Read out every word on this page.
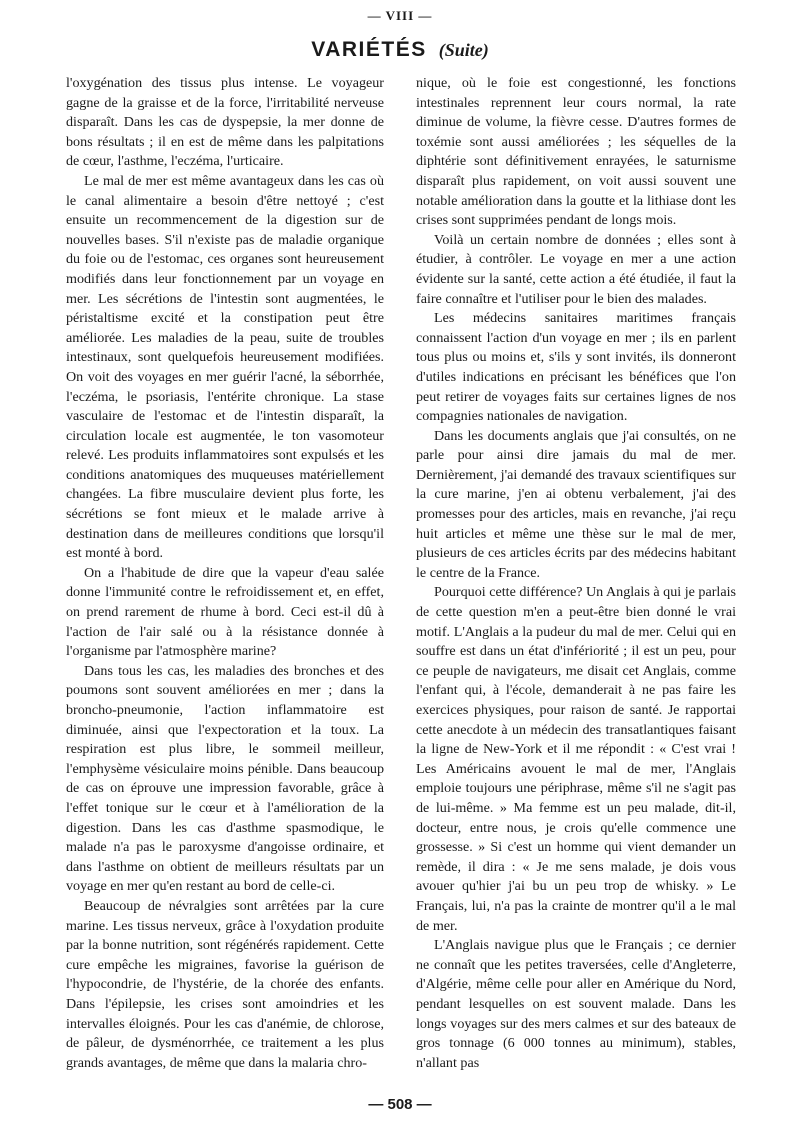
— VIII —
VARIÉTÉS (Suite)

l'oxygénation des tissus plus intense. Le voyageur gagne de la graisse et de la force, l'irritabilité nerveuse disparaît. Dans les cas de dyspepsie, la mer donne de bons résultats ; il en est de même dans les palpitations de cœur, l'asthme, l'eczéma, l'urticaire.

Le mal de mer est même avantageux dans les cas où le canal alimentaire a besoin d'être nettoyé ; c'est ensuite un recommencement de la digestion sur de nouvelles bases. S'il n'existe pas de maladie organique du foie ou de l'estomac, ces organes sont heureusement modifiés dans leur fonctionnement par un voyage en mer. Les sécrétions de l'intestin sont augmentées, le péristaltisme excité et la constipation peut être améliorée. Les maladies de la peau, suite de troubles intestinaux, sont quelquefois heureusement modifiées. On voit des voyages en mer guérir l'acné, la séborrhée, l'eczéma, le psoriasis, l'entérite chronique. La stase vasculaire de l'estomac et de l'intestin disparaît, la circulation locale est augmentée, le ton vasomoteur relevé. Les produits inflammatoires sont expulsés et les conditions anatomiques des muqueuses matériellement changées. La fibre musculaire devient plus forte, les sécrétions se font mieux et le malade arrive à destination dans de meilleures conditions que lorsqu'il est monté à bord.

On a l'habitude de dire que la vapeur d'eau salée donne l'immunité contre le refroidissement et, en effet, on prend rarement de rhume à bord. Ceci est-il dû à l'action de l'air salé ou à la résistance donnée à l'organisme par l'atmosphère marine?

Dans tous les cas, les maladies des bronches et des poumons sont souvent améliorées en mer ; dans la broncho-pneumonie, l'action inflammatoire est diminuée, ainsi que l'expectoration et la toux. La respiration est plus libre, le sommeil meilleur, l'emphysème vésiculaire moins pénible. Dans beaucoup de cas on éprouve une impression favorable, grâce à l'effet tonique sur le cœur et à l'amélioration de la digestion. Dans les cas d'asthme spasmodique, le malade n'a pas le paroxysme d'angoisse ordinaire, et dans l'asthme on obtient de meilleurs résultats par un voyage en mer qu'en restant au bord de celle-ci.

Beaucoup de névralgies sont arrêtées par la cure marine. Les tissus nerveux, grâce à l'oxydation produite par la bonne nutrition, sont régénérés rapidement. Cette cure empêche les migraines, favorise la guérison de l'hypocondrie, de l'hystérie, de la chorée des enfants. Dans l'épilepsie, les crises sont amoindries et les intervalles éloignés. Pour les cas d'anémie, de chlorose, de pâleur, de dysménorrhée, ce traitement a les plus grands avantages, de même que dans la malaria chro-

nique, où le foie est congestionné, les fonctions intestinales reprennent leur cours normal, la rate diminue de volume, la fièvre cesse. D'autres formes de toxémie sont aussi améliorées ; les séquelles de la diphtérie sont définitivement enrayées, le saturnisme disparaît plus rapidement, on voit aussi souvent une notable amélioration dans la goutte et la lithiase dont les crises sont supprimées pendant de longs mois.

Voilà un certain nombre de données ; elles sont à étudier, à contrôler. Le voyage en mer a une action évidente sur la santé, cette action a été étudiée, il faut la faire connaître et l'utiliser pour le bien des malades.

Les médecins sanitaires maritimes français connaissent l'action d'un voyage en mer ; ils en parlent tous plus ou moins et, s'ils y sont invités, ils donneront d'utiles indications en précisant les bénéfices que l'on peut retirer de voyages faits sur certaines lignes de nos compagnies nationales de navigation.

Dans les documents anglais que j'ai consultés, on ne parle pour ainsi dire jamais du mal de mer. Dernièrement, j'ai demandé des travaux scientifiques sur la cure marine, j'en ai obtenu verbalement, j'ai des promesses pour des articles, mais en revanche, j'ai reçu huit articles et même une thèse sur le mal de mer, plusieurs de ces articles écrits par des médecins habitant le centre de la France.

Pourquoi cette différence? Un Anglais à qui je parlais de cette question m'en a peut-être bien donné le vrai motif. L'Anglais a la pudeur du mal de mer. Celui qui en souffre est dans un état d'infériorité ; il est un peu, pour ce peuple de navigateurs, me disait cet Anglais, comme l'enfant qui, à l'école, demanderait à ne pas faire les exercices physiques, pour raison de santé. Je rapportai cette anecdote à un médecin des transatlantiques faisant la ligne de New-York et il me répondit : « C'est vrai ! Les Américains avouent le mal de mer, l'Anglais emploie toujours une périphrase, même s'il ne s'agit pas de lui-même. » Ma femme est un peu malade, dit-il, docteur, entre nous, je crois qu'elle commence une grossesse. » Si c'est un homme qui vient demander un remède, il dira : « Je me sens malade, je dois vous avouer qu'hier j'ai bu un peu trop de whisky. » Le Français, lui, n'a pas la crainte de montrer qu'il a le mal de mer.

L'Anglais navigue plus que le Français ; ce dernier ne connaît que les petites traversées, celle d'Angleterre, d'Algérie, même celle pour aller en Amérique du Nord, pendant lesquelles on est souvent malade. Dans les longs voyages sur des mers calmes et sur des bateaux de gros tonnage (6 000 tonnes au minimum), stables, n'allant pas

— 508 —
